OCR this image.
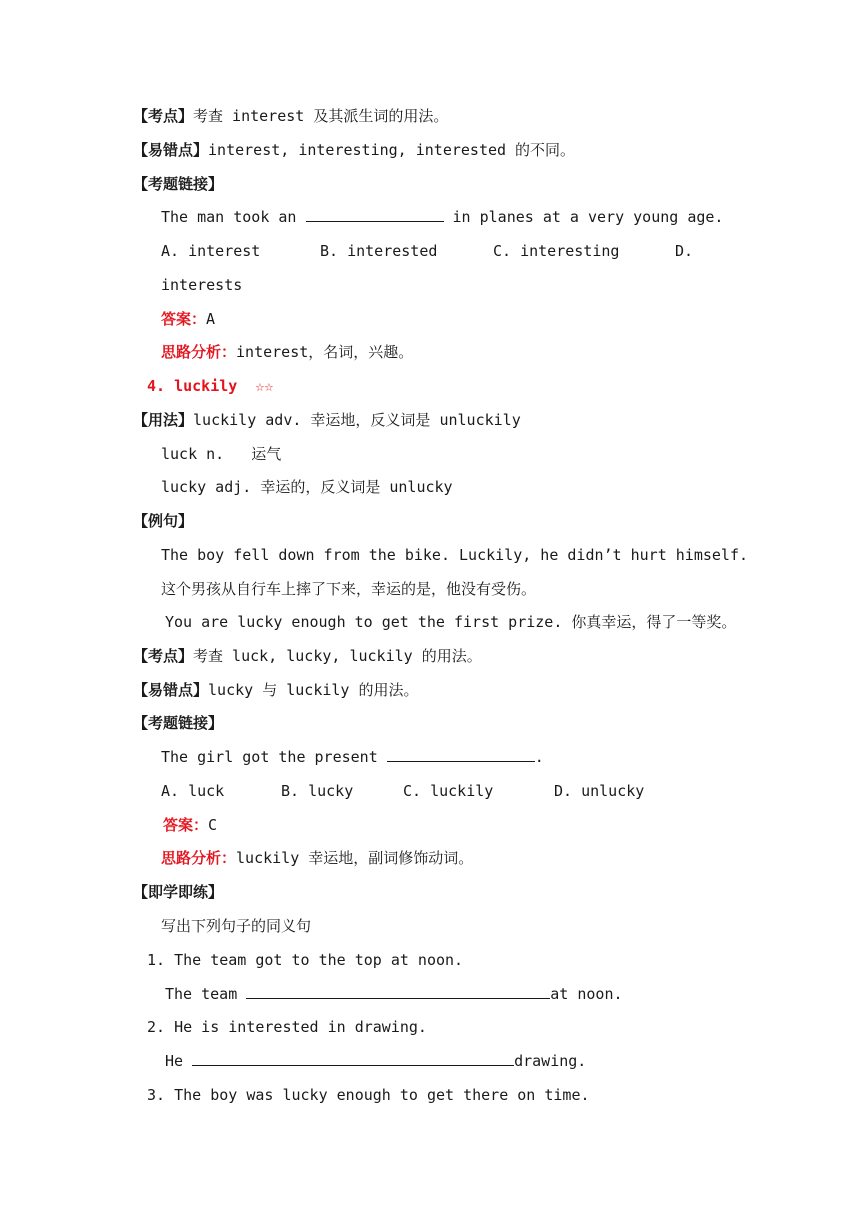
【考点】考查 interest 及其派生词的用法。
【易错点】interest, interesting, interested 的不同。
【考题链接】
The man took an	in planes at a very young age.
A. interest	B. interested	C. interesting	D.
interests
答案：A
思路分析：interest，名词，兴趣。
4. luckily  ☆☆
【用法】luckily adv. 幸运地，反义词是 unluckily
luck n.   运气
lucky adj. 幸运的，反义词是 unlucky
【例句】
The boy fell down from the bike. Luckily, he didn’t hurt himself.
这个男孩从自行车上摔了下来，幸运的是，他没有受伤。
You are lucky enough to get the first prize. 你真幸运，得了一等奖。
【考点】考查 luck, lucky, luckily 的用法。
【易错点】lucky 与 luckily 的用法。
【考题链接】
The girl got the present	.
A. luck	B. lucky	C. luckily	D. unlucky
答案：C
思路分析：luckily 幸运地，副词修饰动词。
【即学即练】
写出下列句子的同义句
1. The team got to the top at noon.
The team	at noon.
2. He is interested in drawing.
He	drawing.
3. The boy was lucky enough to get there on time.
